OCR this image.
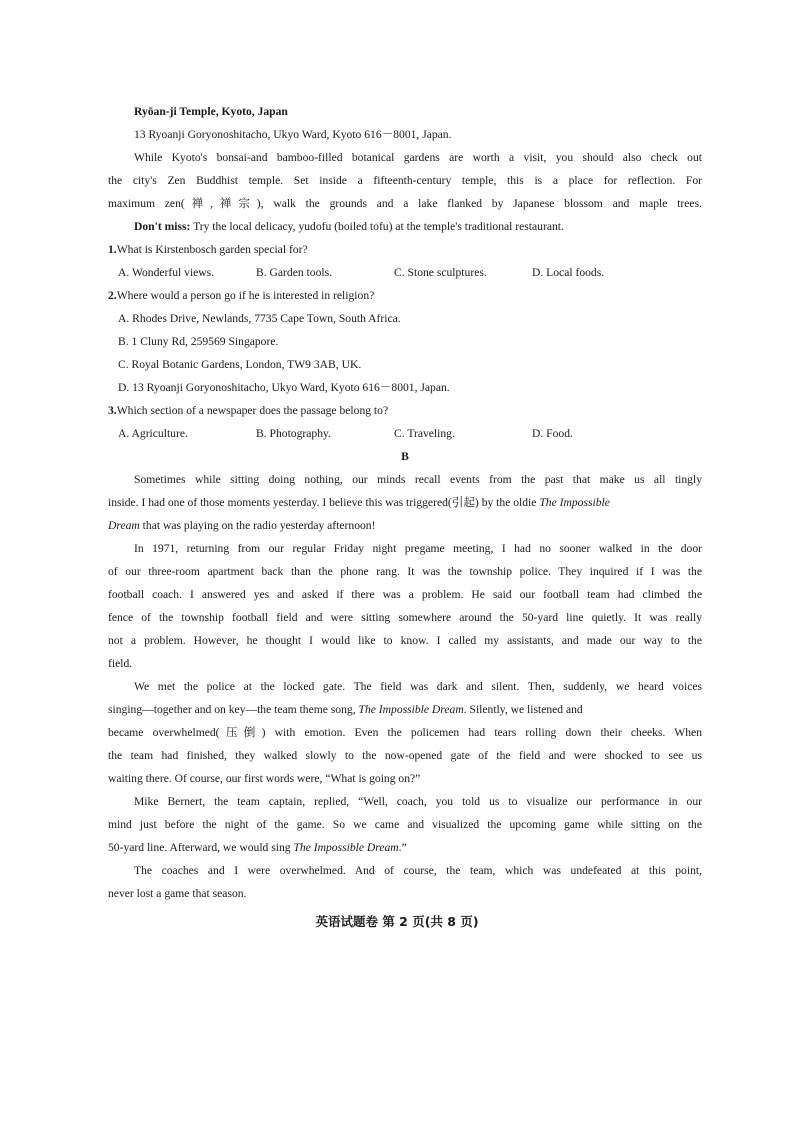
Ryōan-ji Temple, Kyoto, Japan

13 Ryoanji Goryonoshitacho, Ukyo Ward, Kyoto 616－8001, Japan.

While Kyoto's bonsai-and bamboo-filled botanical gardens are worth a visit, you should also check out

the city's Zen Buddhist temple. Set inside a fifteenth-century temple, this is a place for reflection. For

maximum zen(禅,禅宗), walk the grounds and a lake flanked by Japanese blossom and maple trees.

Don't miss: Try the local delicacy, yudofu (boiled tofu) at the temple's traditional restaurant.

1.What is Kirstenbosch garden special for?

A. Wonderful views.	B. Garden tools.	C. Stone sculptures.	D. Local foods.

2.Where would a person go if he is interested in religion?

A. Rhodes Drive, Newlands, 7735 Cape Town, South Africa.

B. 1 Cluny Rd, 259569 Singapore.

C. Royal Botanic Gardens, London, TW9 3AB, UK.

D. 13 Ryoanji Goryonoshitacho, Ukyo Ward, Kyoto 616－8001, Japan.

3.Which section of a newspaper does the passage belong to?

A. Agriculture.	B. Photography.	C. Traveling.	D. Food.

B

Sometimes while sitting doing nothing, our minds recall events from the past that make us all tingly

inside. I had one of those moments yesterday. I believe this was triggered(引起) by the oldie The Impossible

Dream that was playing on the radio yesterday afternoon!

In 1971, returning from our regular Friday night pregame meeting, I had no sooner walked in the door

of our three-room apartment back than the phone rang. It was the township police. They inquired if I was the

football coach. I answered yes and asked if there was a problem. He said our football team had climbed the

fence of the township football field and were sitting somewhere around the 50-yard line quietly. It was really

not a problem. However, he thought I would like to know. I called my assistants, and made our way to the

field.

We met the police at the locked gate. The field was dark and silent. Then, suddenly, we heard voices

singing—together and on key—the team theme song, The Impossible Dream. Silently, we listened and

became overwhelmed(压倒) with emotion. Even the policemen had tears rolling down their cheeks. When

the team had finished, they walked slowly to the now-opened gate of the field and were shocked to see us

waiting there. Of course, our first words were, “What is going on?”

Mike Bernert, the team captain, replied, “Well, coach, you told us to visualize our performance in our

mind just before the night of the game. So we came and visualized the upcoming game while sitting on the

50-yard line. Afterward, we would sing The Impossible Dream.”

The coaches and I were overwhelmed. And of course, the team, which was undefeated at this point,

never lost a game that season.

英语试题卷 第 2 页(共 8 页)
